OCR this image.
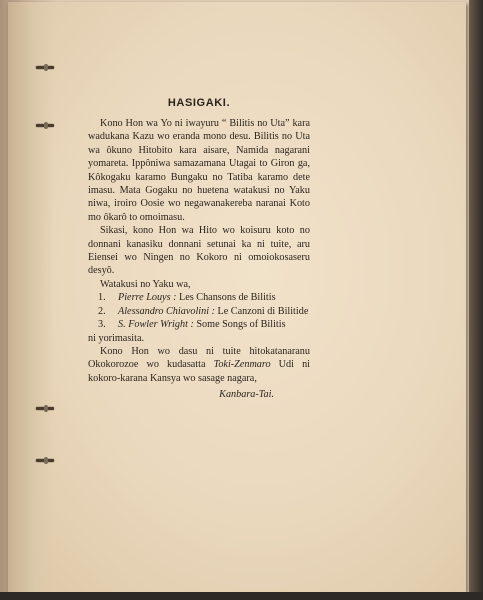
HASIGAKI.

Kono Hon wa Yo ni iwayuru “ Bilitis no Uta” kara wadukana Kazu wo eranda mono desu. Bilitis no Uta wa ôkuno Hitobito kara aisare, Namida nagarani yomareta. Ippôniwa samazamana Utagai to Giron ga, Kôkogaku karamo Bungaku no Tatiba karamo dete imasu. Mata Gogaku no huetena watakusi no Yaku niwa, iroiro Oosie wo negawanakereba naranai Koto mo ôkarô to omoimasu.

Sikasi, kono Hon wa Hito wo koisuru koto no donnani kanasiku donnani setunai ka ni tuite, aru Eiensei wo Ningen no Kokoro ni omoiokosaseru desyô.

Watakusi no Yaku wa,

1. Pierre Louys : Les Chansons de Bilitis

2. Alessandro Chiavolini : Le Canzoni di Bilitide

3. S. Fowler Wright : Some Songs of Bilitis

ni yorimasita.

Kono Hon wo dasu ni tuite hitokatanaranu Okokorozoe wo kudasatta Toki-Zenmaro Udi ni kokoro-karana Kansya wo sasage nagara,

Kanbara-Tai.
